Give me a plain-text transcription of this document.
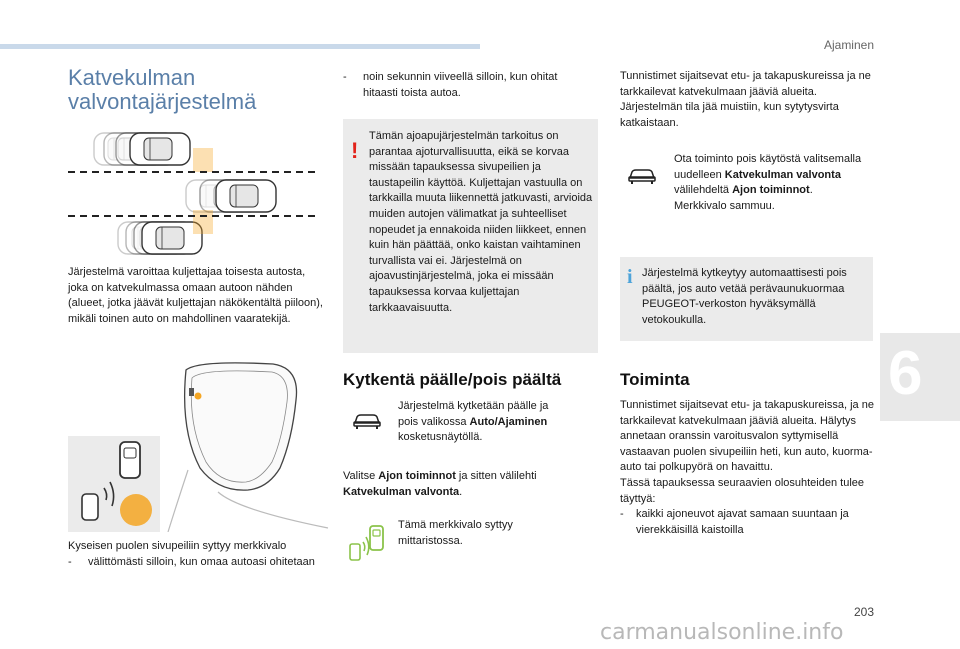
Ajaminen
6
Katvekulman
valvontajärjestelmä
Järjestelmä varoittaa kuljettajaa toisesta autosta, joka on katvekulmassa omaan autoon nähden (alueet, jotka jäävät kuljettajan näkökentältä piiloon), mikäli toinen auto on mahdollinen vaaratekijä.
Kyseisen puolen sivupeiliin syttyy merkkivalo
-	välittömästi silloin, kun omaa autoasi ohitetaan
-	noin sekunnin viiveellä silloin, kun ohitat hitaasti toista autoa.
!
Tämän ajoapujärjestelmän tarkoitus on parantaa ajoturvallisuutta, eikä se korvaa missään tapauksessa sivupeilien ja taustapeilin käyttöä. Kuljettajan vastuulla on tarkkailla muuta liikennettä jatkuvasti, arvioida muiden autojen välimatkat ja suhteelliset nopeudet ja ennakoida niiden liikkeet, ennen kuin hän päättää, onko kaistan vaihtaminen turvallista vai ei. Järjestelmä on ajoavustinjärjestelmä, joka ei missään tapauksessa korvaa kuljettajan tarkkaavaisuutta.
Kytkentä päälle/pois päältä
Järjestelmä kytketään päälle ja pois valikossa Auto/Ajaminen kosketusnäytöllä.
Valitse Ajon toiminnot ja sitten välilehti Katvekulman valvonta.
Tämä merkkivalo syttyy mittaristossa.
Tunnistimet sijaitsevat etu- ja takapuskureissa ja ne tarkkailevat katvekulmaan jääviä alueita. Järjestelmän tila jää muistiin, kun sytytysvirta katkaistaan.
Ota toiminto pois käytöstä valitsemalla uudelleen Katvekulman valvonta välilehdeltä Ajon toiminnot.
Merkkivalo sammuu.
i Järjestelmä kytkeytyy automaattisesti pois päältä, jos auto vetää perävaunukuormaa PEUGEOT-verkoston hyväksymällä vetokoukulla.
Toiminta
Tunnistimet sijaitsevat etu- ja takapuskureissa, ja ne tarkkailevat katvekulmaan jääviä alueita. Hälytys annetaan oranssin varoitusvalon syttymisellä vastaavan puolen sivupeiliin heti, kun auto, kuorma-auto tai polkupyörä on havaittu.
Tässä tapauksessa seuraavien olosuhteiden tulee täyttyä:
-	kaikki ajoneuvot ajavat samaan suuntaan ja vierekkäisillä kaistoilla
203
carmanualsonline.info
